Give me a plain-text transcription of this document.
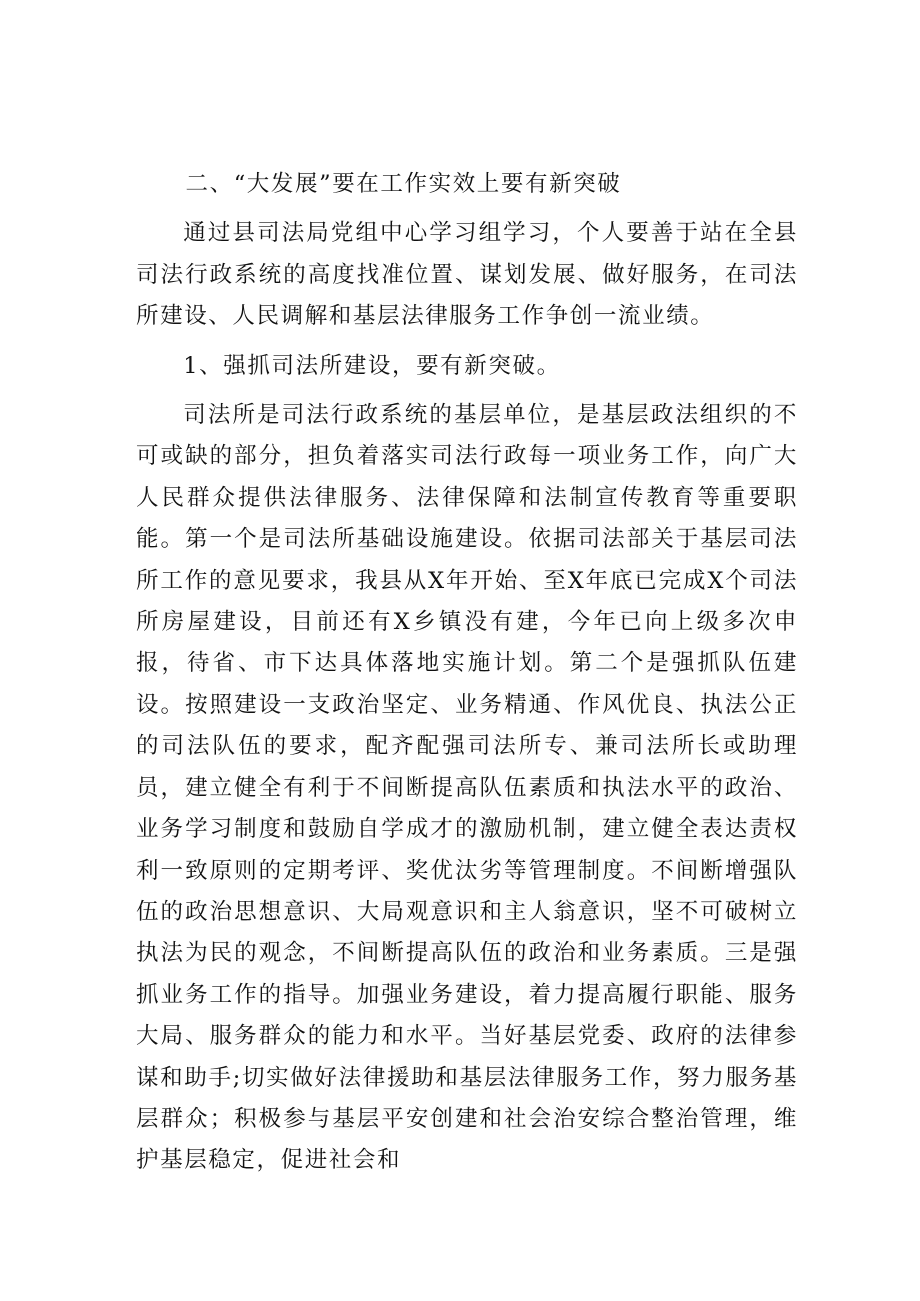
二、“大发展”要在工作实效上要有新突破

通过县司法局党组中心学习组学习，个人要善于站在全县司法行政系统的高度找准位置、谋划发展、做好服务，在司法所建设、人民调解和基层法律服务工作争创一流业绩。

1、强抓司法所建设，要有新突破。

司法所是司法行政系统的基层单位，是基层政法组织的不可或缺的部分，担负着落实司法行政每一项业务工作，向广大人民群众提供法律服务、法律保障和法制宣传教育等重要职能。第一个是司法所基础设施建设。依据司法部关于基层司法所工作的意见要求，我县从X年开始、至X年底已完成X个司法所房屋建设，目前还有X乡镇没有建，今年已向上级多次申报，待省、市下达具体落地实施计划。第二个是强抓队伍建设。按照建设一支政治坚定、业务精通、作风优良、执法公正的司法队伍的要求，配齐配强司法所专、兼司法所长或助理员，建立健全有利于不间断提高队伍素质和执法水平的政治、业务学习制度和鼓励自学成才的激励机制，建立健全表达责权利一致原则的定期考评、奖优汰劣等管理制度。不间断增强队伍的政治思想意识、大局观意识和主人翁意识，坚不可破树立执法为民的观念，不间断提高队伍的政治和业务素质。三是强抓业务工作的指导。加强业务建设，着力提高履行职能、服务大局、服务群众的能力和水平。当好基层党委、政府的法律参谋和助手;切实做好法律援助和基层法律服务工作，努力服务基层群众；积极参与基层平安创建和社会治安综合整治管理，维护基层稳定，促进社会和
